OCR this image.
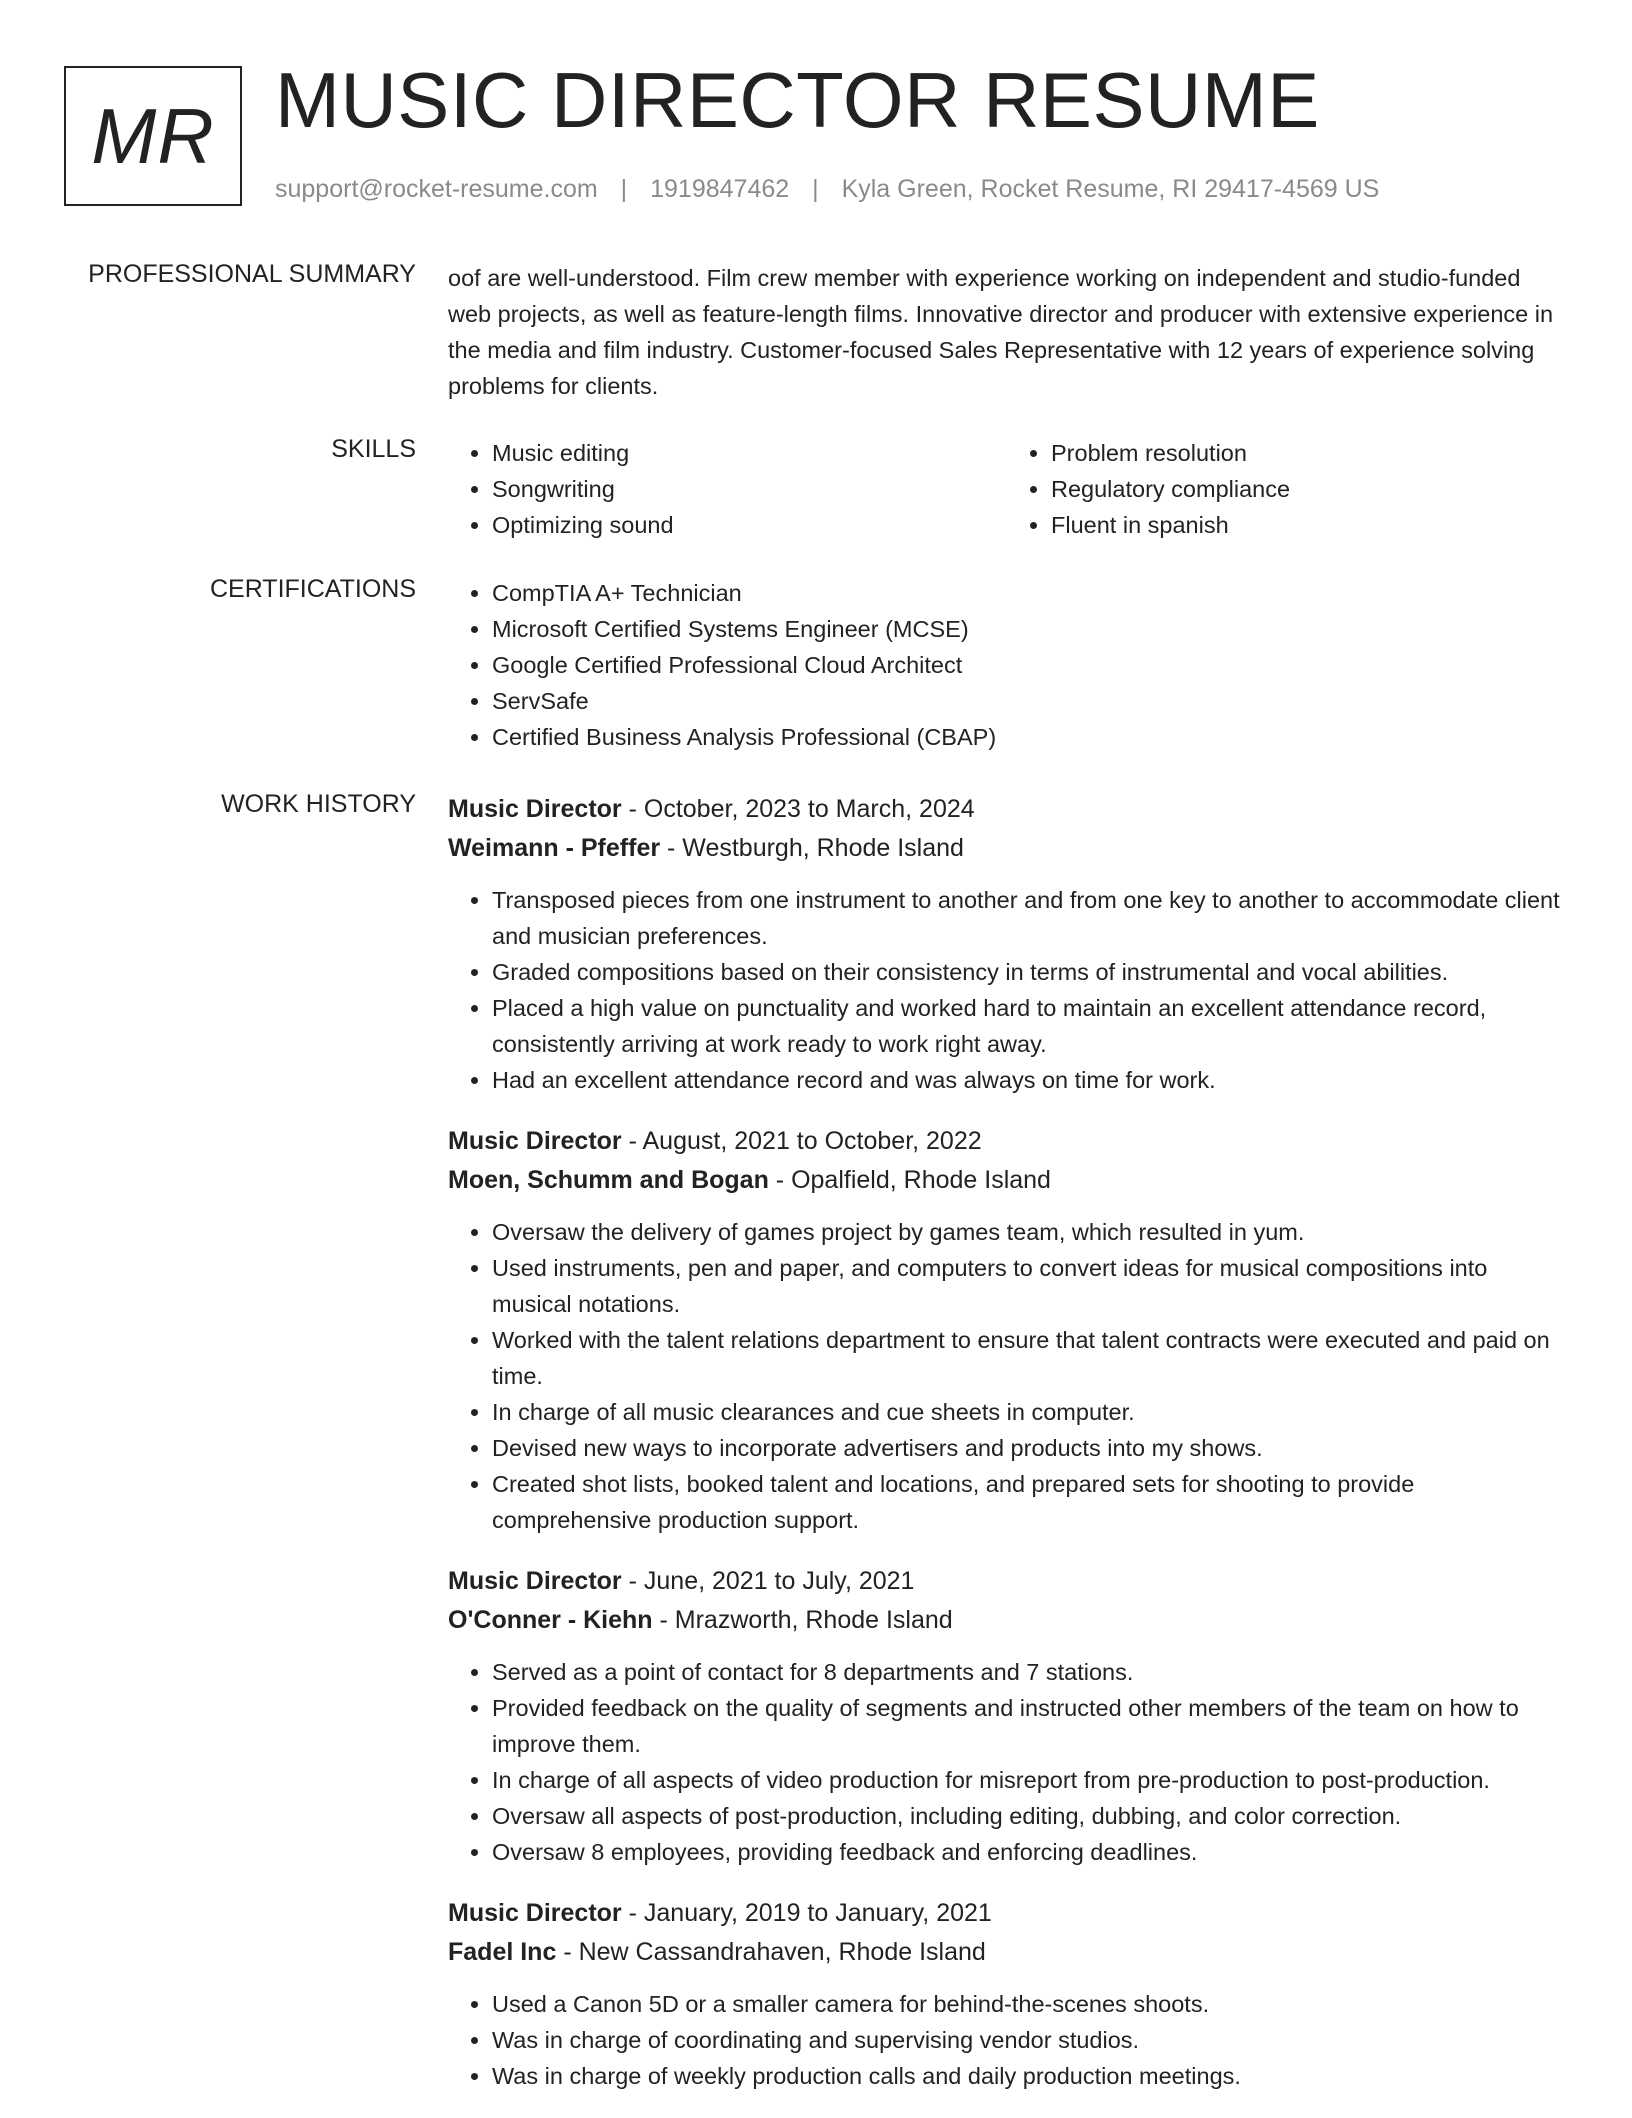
MR MUSIC DIRECTOR RESUME
support@rocket-resume.com | 1919847462 | Kyla Green, Rocket Resume, RI 29417-4569 US
PROFESSIONAL SUMMARY oof are well-understood. Film crew member with experience working on independent and studio-funded web projects, as well as feature-length films. Innovative director and producer with extensive experience in the media and film industry. Customer-focused Sales Representative with 12 years of experience solving problems for clients.
SKILLS	• Music editing
• Songwriting
• Optimizing sound
• Problem resolution
• Regulatory compliance
• Fluent in spanish
CERTIFICATIONS	• CompTIA A+ Technician
• Microsoft Certified Systems Engineer (MCSE)
• Google Certified Professional Cloud Architect
• ServSafe
• Certified Business Analysis Professional (CBAP)
WORK HISTORY Music Director - October, 2023 to March, 2024
Weimann - Pfeffer - Westburgh, Rhode Island
• Transposed pieces from one instrument to another and from one key to another to accommodate client and musician preferences.
• Graded compositions based on their consistency in terms of instrumental and vocal abilities.
• Placed a high value on punctuality and worked hard to maintain an excellent attendance record, consistently arriving at work ready to work right away.
• Had an excellent attendance record and was always on time for work.
Music Director - August, 2021 to October, 2022
Moen, Schumm and Bogan - Opalfield, Rhode Island
• Oversaw the delivery of games project by games team, which resulted in yum.
• Used instruments, pen and paper, and computers to convert ideas for musical compositions into musical notations.
• Worked with the talent relations department to ensure that talent contracts were executed and paid on time.
• In charge of all music clearances and cue sheets in computer.
• Devised new ways to incorporate advertisers and products into my shows.
• Created shot lists, booked talent and locations, and prepared sets for shooting to provide comprehensive production support.
Music Director - June, 2021 to July, 2021
O'Conner - Kiehn - Mrazworth, Rhode Island
• Served as a point of contact for 8 departments and 7 stations.
• Provided feedback on the quality of segments and instructed other members of the team on how to improve them.
• In charge of all aspects of video production for misreport from pre-production to post-production.
• Oversaw all aspects of post-production, including editing, dubbing, and color correction.
• Oversaw 8 employees, providing feedback and enforcing deadlines.
Music Director - January, 2019 to January, 2021
Fadel Inc - New Cassandrahaven, Rhode Island
• Used a Canon 5D or a smaller camera for behind-the-scenes shoots.
• Was in charge of coordinating and supervising vendor studios.
• Was in charge of weekly production calls and daily production meetings.
